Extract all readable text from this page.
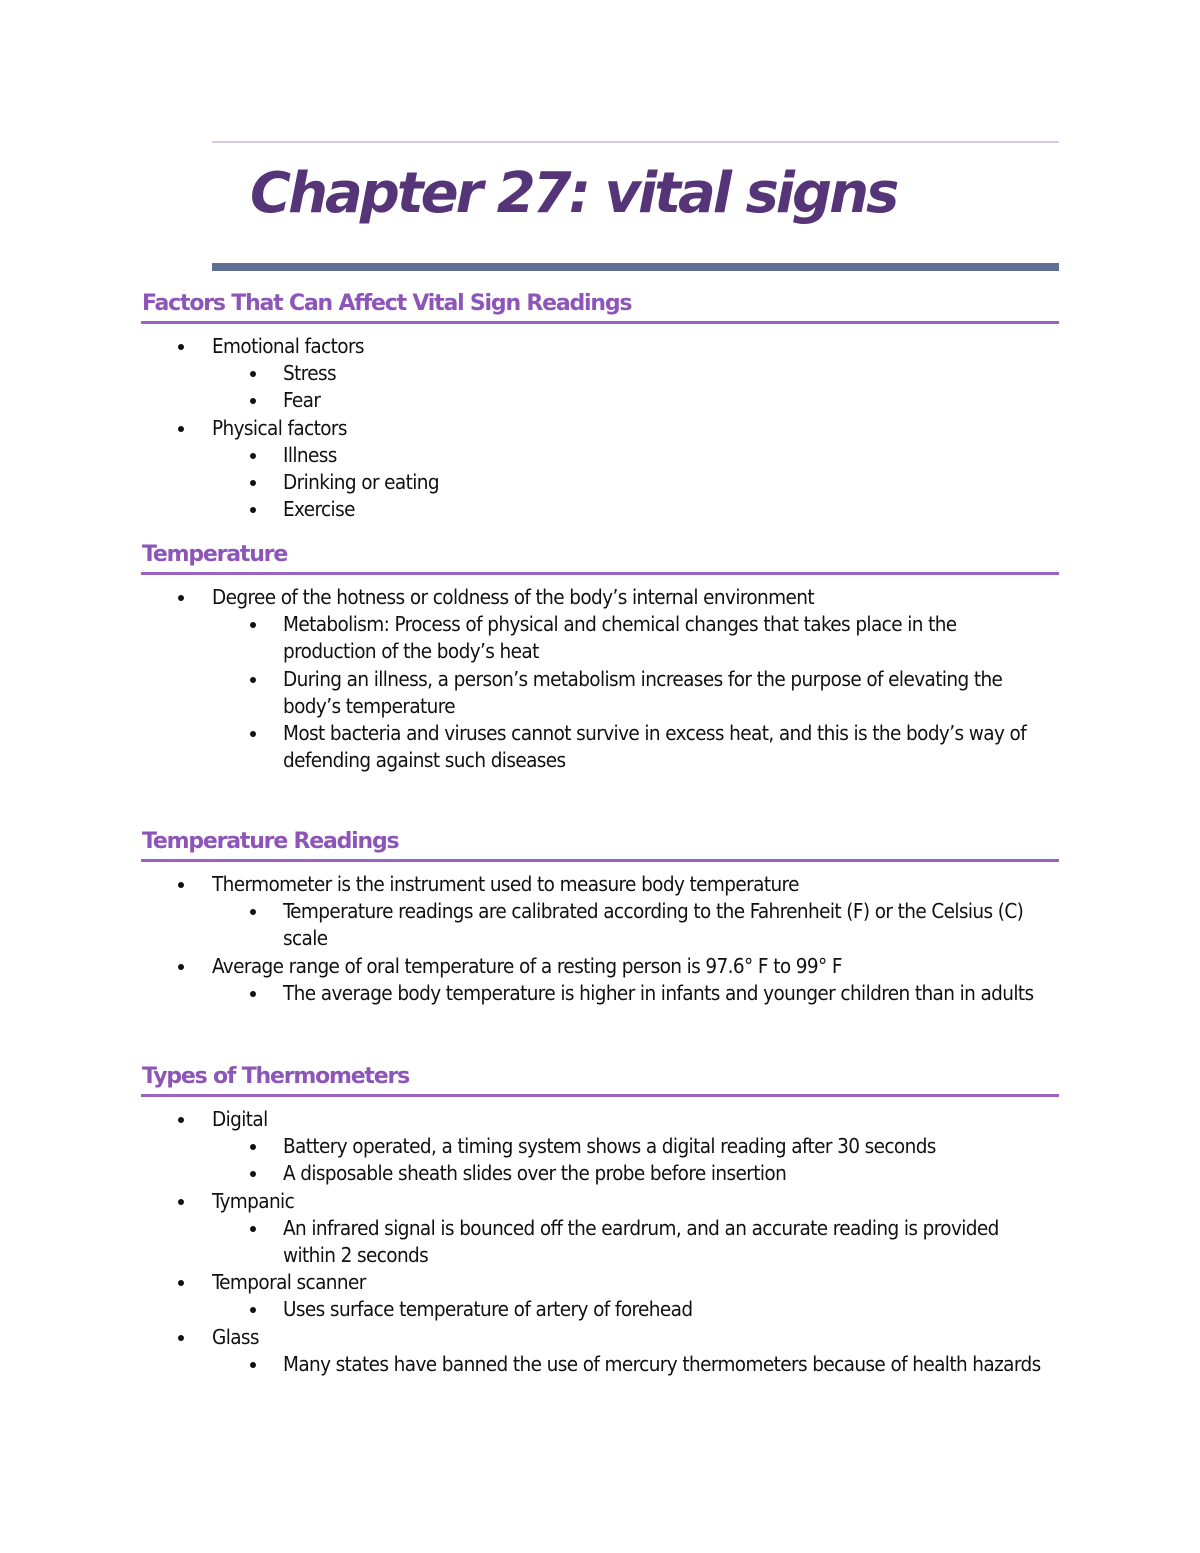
Chapter 27: vital signs
Factors That Can Affect Vital Sign Readings
Emotional factors
Stress
Fear
Physical factors
Illness
Drinking or eating
Exercise
Temperature
Degree of the hotness or coldness of the body’s internal environment
Metabolism: Process of physical and chemical changes that takes place in the
production of the body’s heat
During an illness, a person’s metabolism increases for the purpose of elevating the
body’s temperature
Most bacteria and viruses cannot survive in excess heat, and this is the body’s way of
defending against such diseases
Temperature Readings
Thermometer is the instrument used to measure body temperature
Temperature readings are calibrated according to the Fahrenheit (F) or the Celsius (C)
scale
Average range of oral temperature of a resting person is 97.6° F to 99° F
The average body temperature is higher in infants and younger children than in adults
Types of Thermometers
Digital
Battery operated, a timing system shows a digital reading after 30 seconds
A disposable sheath slides over the probe before insertion
Tympanic
An infrared signal is bounced off the eardrum, and an accurate reading is provided
within 2 seconds
Temporal scanner
Uses surface temperature of artery of forehead
Glass
Many states have banned the use of mercury thermometers because of health hazards
